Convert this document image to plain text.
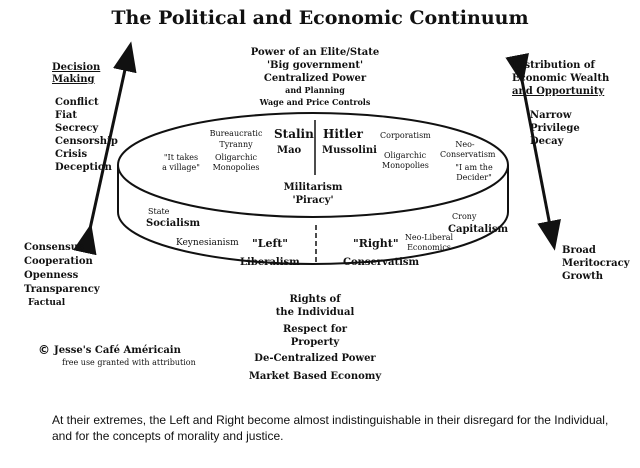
The Political and Economic Continuum
Power of an Elite/State
'Big government'
Centralized Power
and Planning
Wage and Price Controls
Decision
Making
Conflict
Fiat
Secrecy
Censorship
Crisis
Deception
Distribution of
Economic Wealth
and Opportunity
Narrow
Privilege
Decay
Consensus
Cooperation
Openness
Transparency
Factual
Broad
Meritocracy
Growth
Bureaucratic
Tyranny
Oligarchic
Monopolies
Stalin
Mao
Hitler
Mussolini
Corporatism
Oligarchic
Monopolies
Neo-
Conservatism
"It takes
a village"	"I am the
Decider"
Militarism
'Piracy'
State
Socialism
Crony
Capitalism
Keynesianism "Left"
Liberalism
"Right"
Conservatism
Neo-Liberal
Economics
Rights of
the Individual
Respect for
Property
De-Centralized Power
Market Based Economy
© Jesse's Café Américain
free use granted with attribution
At their extremes, the Left and Right become almost indistinguishable in their disregard for the Individual,
and for the concepts of morality and justice.
